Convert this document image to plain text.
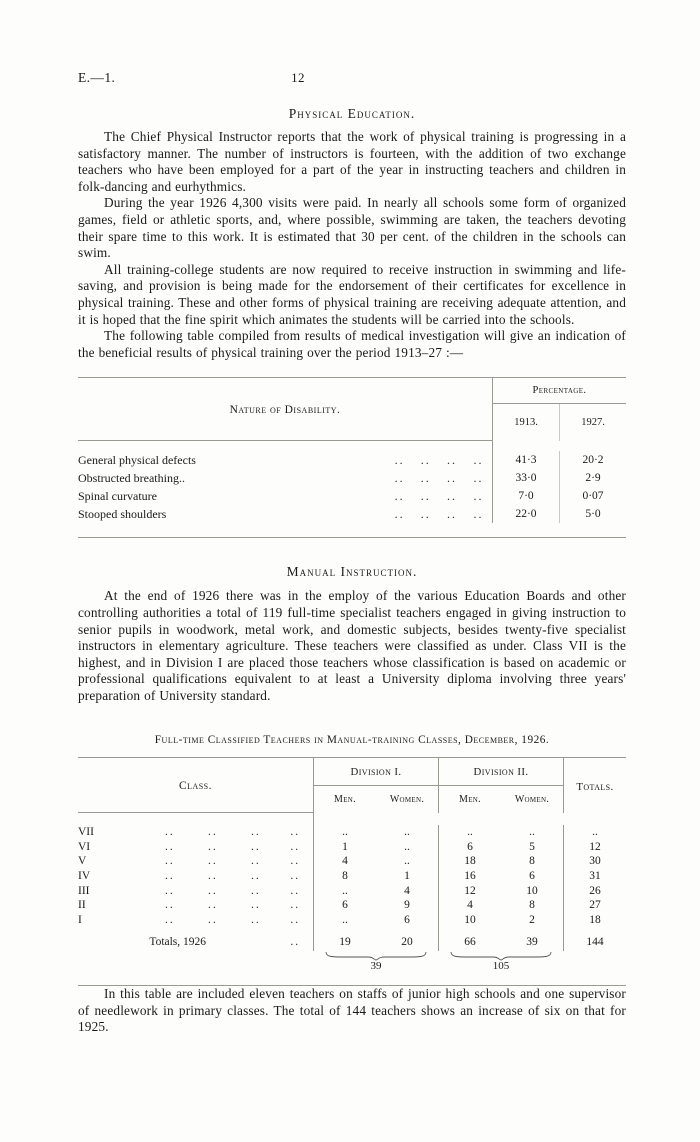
E.—1.	12
Physical Education.

The Chief Physical Instructor reports that the work of physical training is progressing in a satisfactory manner. The number of instructors is fourteen, with the addition of two exchange teachers who have been employed for a part of the year in instructing teachers and children in folk-dancing and eurhythmics.

During the year 1926 4,300 visits were paid. In nearly all schools some form of organized games, field or athletic sports, and, where possible, swimming are taken, the teachers devoting their spare time to this work. It is estimated that 30 per cent. of the children in the schools can swim.

All training-college students are now required to receive instruction in swimming and life-saving, and provision is being made for the endorsement of their certificates for excellence in physical training. These and other forms of physical training are receiving adequate attention, and it is hoped that the fine spirit which animates the students will be carried into the schools.

The following table compiled from results of medical investigation will give an indication of the beneficial results of physical training over the period 1913–27 :—

Nature of Disability.					Percentage.	
					1913.	1927.

General physical defects	..	..	..	..	41·3	20·2
Obstructed breathing..	..	..	..	..	33·0	2·9
Spinal curvature	..	..	..	..	7·0	0·07
Stooped shoulders	..	..	..	..	22·0	5·0

Manual Instruction.

At the end of 1926 there was in the employ of the various Education Boards and other controlling authorities a total of 119 full-time specialist teachers engaged in giving instruction to senior pupils in woodwork, metal work, and domestic subjects, besides twenty-five specialist instructors in elementary agriculture. These teachers were classified as under. Class VII is the highest, and in Division I are placed those teachers whose classification is based on academic or professional qualifications equivalent to at least a University diploma involving three years' preparation of University standard.

Full-time Classified Teachers in Manual-training Classes, December, 1926.
Class.					Division I.		Division II.		Totals.
					Men.	Women.	Men.	Women.	

VII	..	..	..	..	..	..	..	..	..
VI	..	..	..	..	1	..	6	5	12
V	..	..	..	..	4	..	18	8	30
IV	..	..	..	..	8	1	16	6	31
III	..	..	..	..	..	4	12	10	26
II	..	..	..	..	6	9	4	8	27
I	..	..	..	..	..	6	10	2	18
Totals, 1926				..	19	20	66	39	144

					39		105		

In this table are included eleven teachers on staffs of junior high schools and one supervisor of needlework in primary classes. The total of 144 teachers shows an increase of six on that for 1925.
